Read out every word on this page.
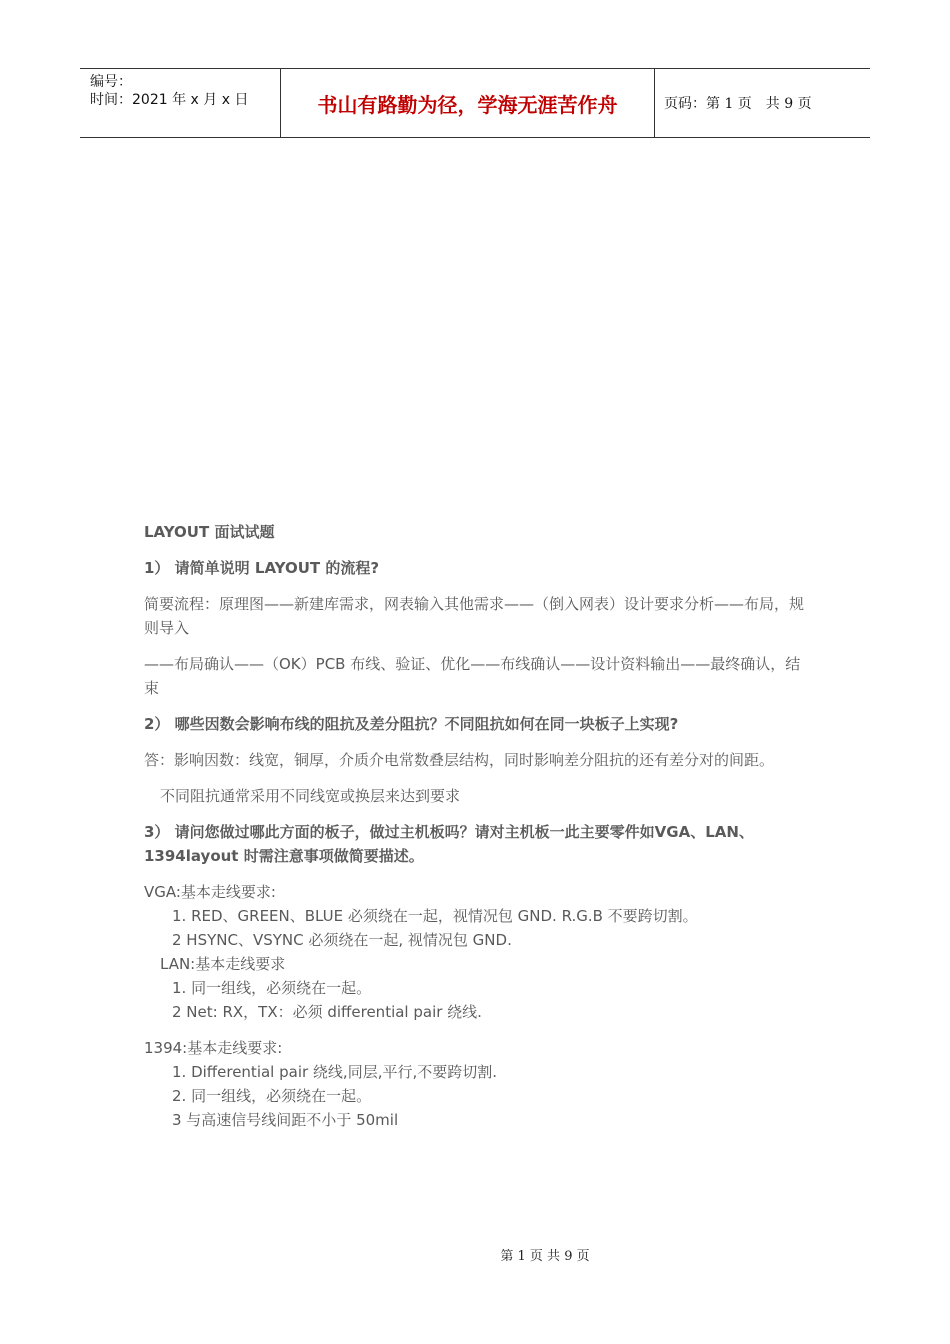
编号：
时间：2021 年 x 月 x 日	书山有路勤为径，学海无涯苦作舟	页码：第 1 页　共 9 页

LAYOUT 面试试题

1） 请简单说明 LAYOUT 的流程?

简要流程：原理图——新建库需求，网表输入其他需求——（倒入网表）设计要求分析——布局，规则导入

——布局确认——（OK）PCB 布线、验证、优化——布线确认——设计资料输出——最终确认，结束

2） 哪些因数会影响布线的阻抗及差分阻抗？不同阻抗如何在同一块板子上实现?

答：影响因数：线宽，铜厚，介质介电常数叠层结构，同时影响差分阻抗的还有差分对的间距。

不同阻抗通常采用不同线宽或换层来达到要求

3） 请问您做过哪此方面的板子，做过主机板吗？请对主机板一此主要零件如VGA、LAN、1394layout 时需注意事项做简要描述。

VGA:基本走线要求:

1. RED、GREEN、BLUE 必须绕在一起，视情况包 GND. R.G.B 不要跨切割。

2 HSYNC、VSYNC 必须绕在一起, 视情况包 GND.

LAN:基本走线要求

1. 同一组线，必须绕在一起。

2 Net: RX，TX：必须 differential pair 绕线.

1394:基本走线要求:

1. Differential pair 绕线,同层,平行,不要跨切割.

2. 同一组线，必须绕在一起。

3 与高速信号线间距不小于 50mil

第 1 页 共 9 页
